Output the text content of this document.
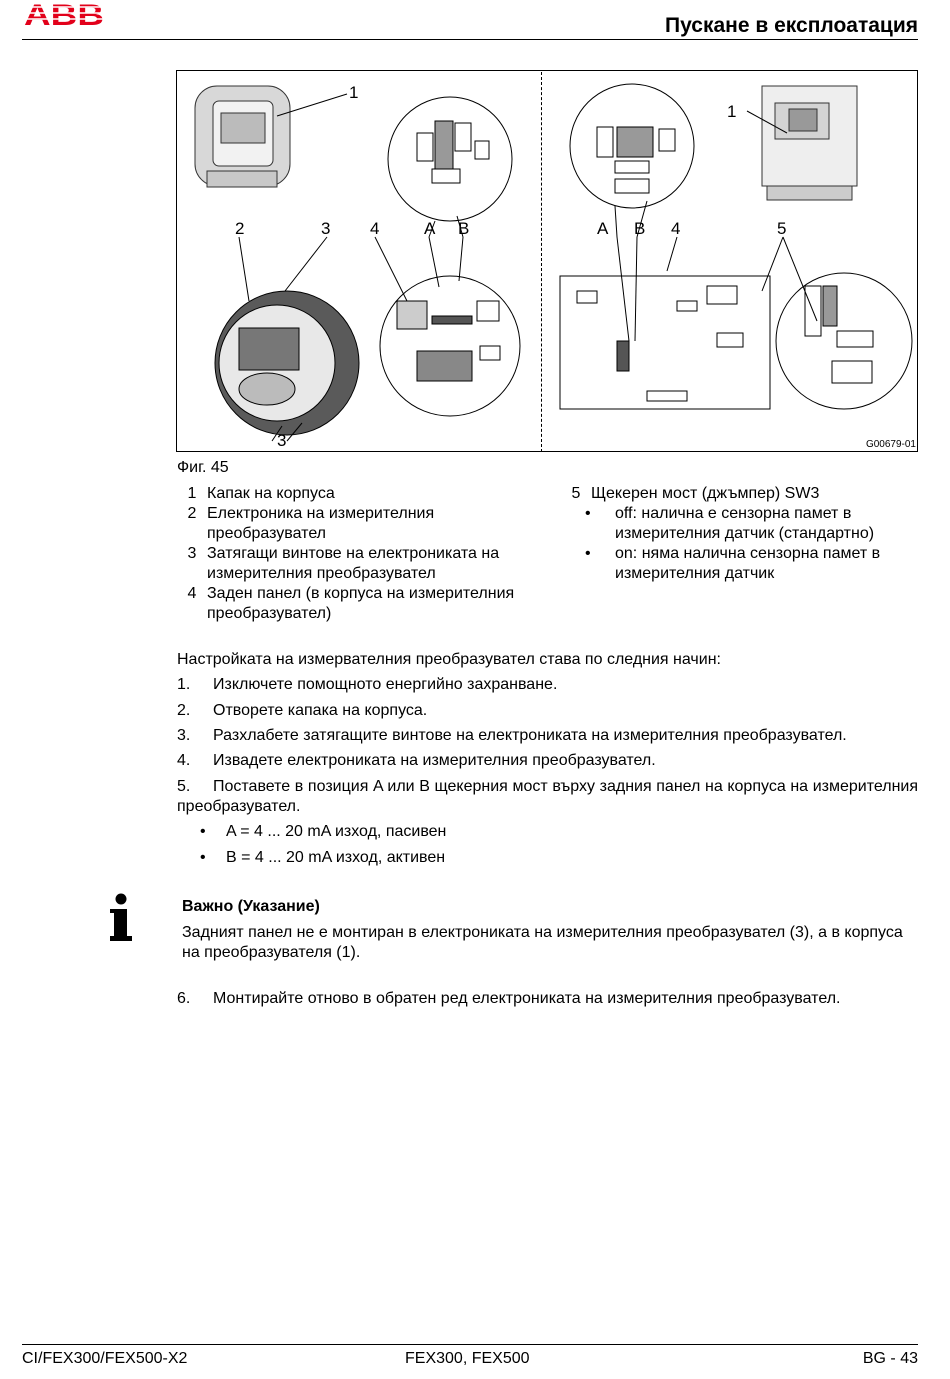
ABB	Пускане в експлоатация
1
2	3 4	A B
3
A B 4	5
1
G00679-01
Фиг. 45
1 Капак на корпуса
2 Електроника на измерителния преобразувател
3 Затягащи винтове на електрониката на измерителния преобразувател
4 Заден панел (в корпуса на измерителния преобразувател)
5 Щекерен мост (джъмпер) SW3
•	off: налична е сензорна памет в измерителния датчик (стандартно)
•	on: няма налична сензорна памет в измерителния датчик
Настройката на измервателния преобразувател става по следния начин:
1.	Изключете помощното енергийно захранване.
2.	Отворете капака на корпуса.
3.	Разхлабете затягащите винтове на електрониката на измерителния преобразувател.
4.	Извадете електрониката на измерителния преобразувател.
5. Поставете в позиция A или B щекерния мост върху задния панел на корпуса на измерителния преобразувател.
• A = 4 ... 20 mA изход, пасивен
• B = 4 ... 20 mA изход, активен
Важно (Указание)
Задният панел не е монтиран в електрониката на измерителния преобразувател (3), а в корпуса на преобразувателя (1).
6.	Монтирайте отново в обратен ред електрониката на измерителния преобразувател.
CI/FEX300/FEX500-X2	FEX300, FEX500	BG - 43
